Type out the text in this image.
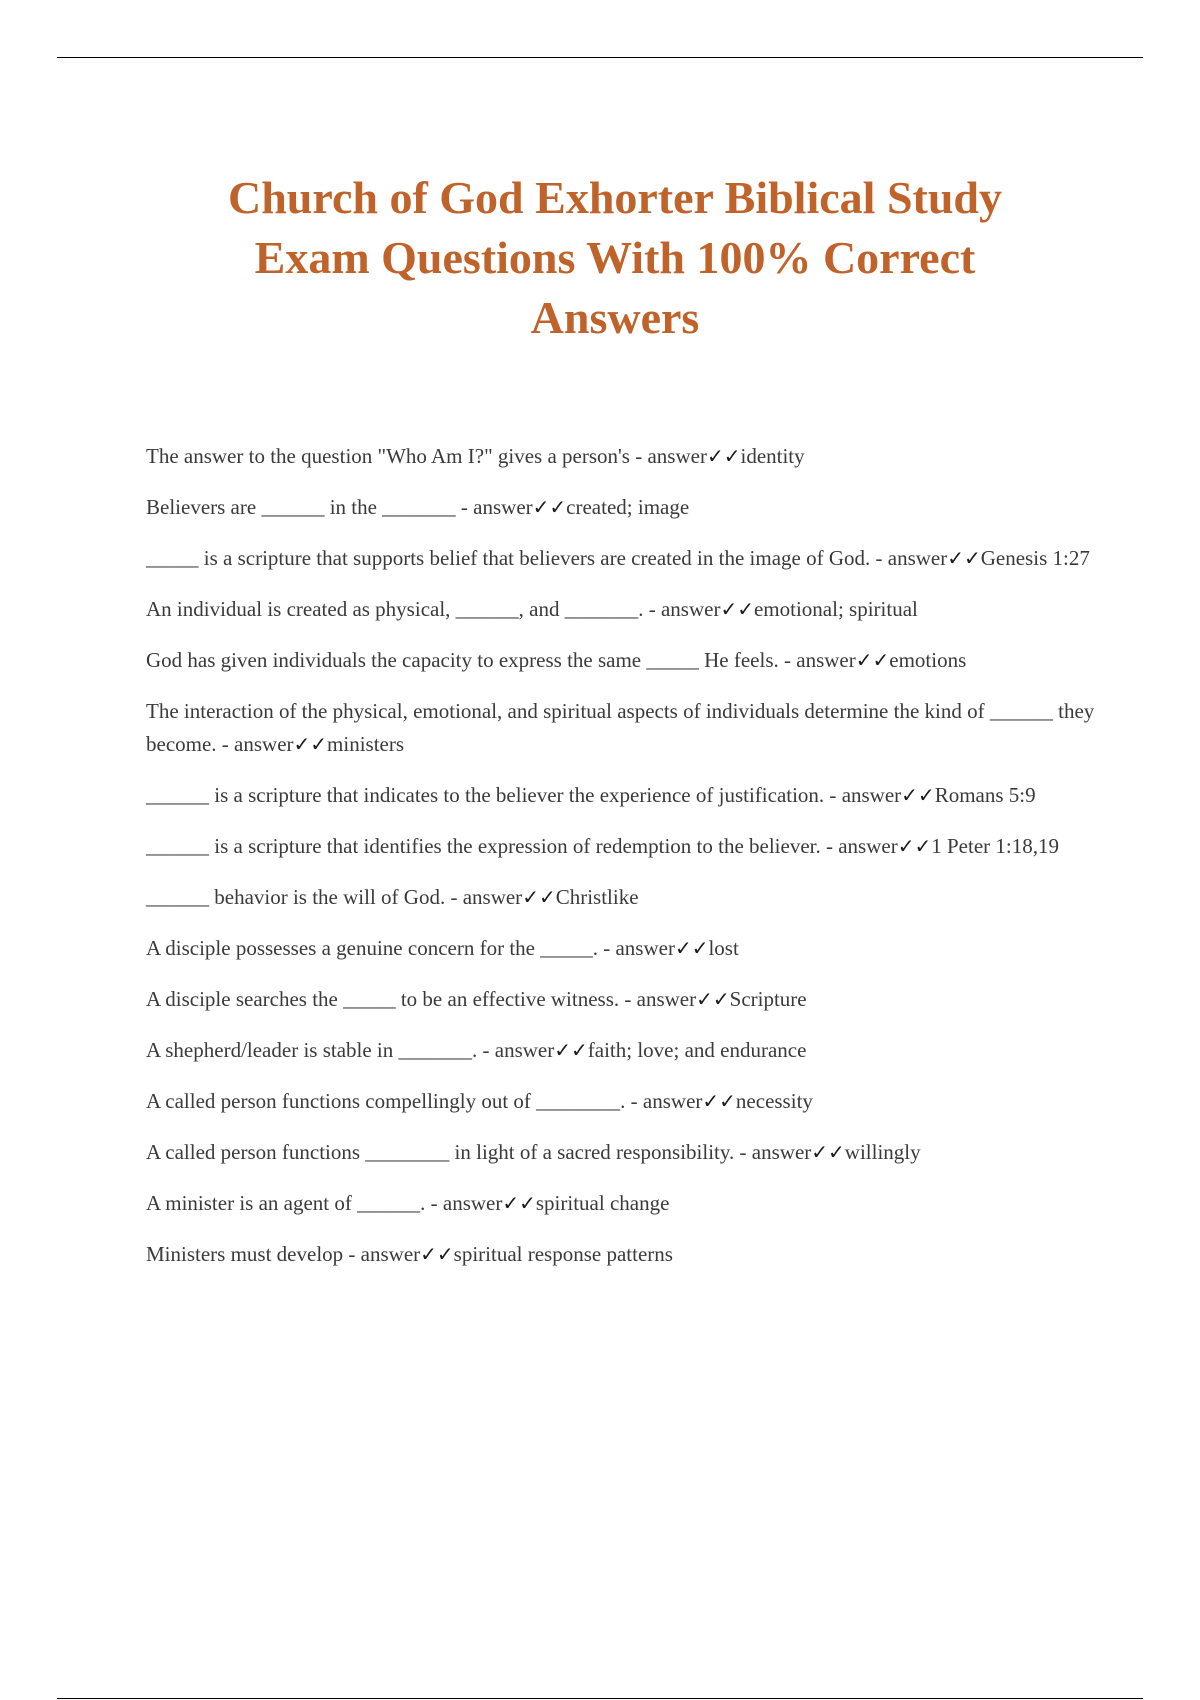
Church of God Exhorter Biblical Study
Exam Questions With 100% Correct
Answers

The answer to the question "Who Am I?" gives a person's - answer✓✓identity

Believers are ______ in the _______ - answer✓✓created; image

_____ is a scripture that supports belief that believers are created in the image of God. - answer✓✓Genesis 1:27

An individual is created as physical, ______, and _______. - answer✓✓emotional; spiritual

God has given individuals the capacity to express the same _____ He feels. - answer✓✓emotions

The interaction of the physical, emotional, and spiritual aspects of individuals determine the kind of ______ they become. - answer✓✓ministers

______ is a scripture that indicates to the believer the experience of justification. - answer✓✓Romans 5:9

______ is a scripture that identifies the expression of redemption to the believer. - answer✓✓1 Peter 1:18,19

______ behavior is the will of God. - answer✓✓Christlike

A disciple possesses a genuine concern for the _____. - answer✓✓lost

A disciple searches the _____ to be an effective witness. - answer✓✓Scripture

A shepherd/leader is stable in _______. - answer✓✓faith; love; and endurance

A called person functions compellingly out of ________. - answer✓✓necessity

A called person functions ________ in light of a sacred responsibility. - answer✓✓willingly

A minister is an agent of ______. - answer✓✓spiritual change

Ministers must develop - answer✓✓spiritual response patterns
